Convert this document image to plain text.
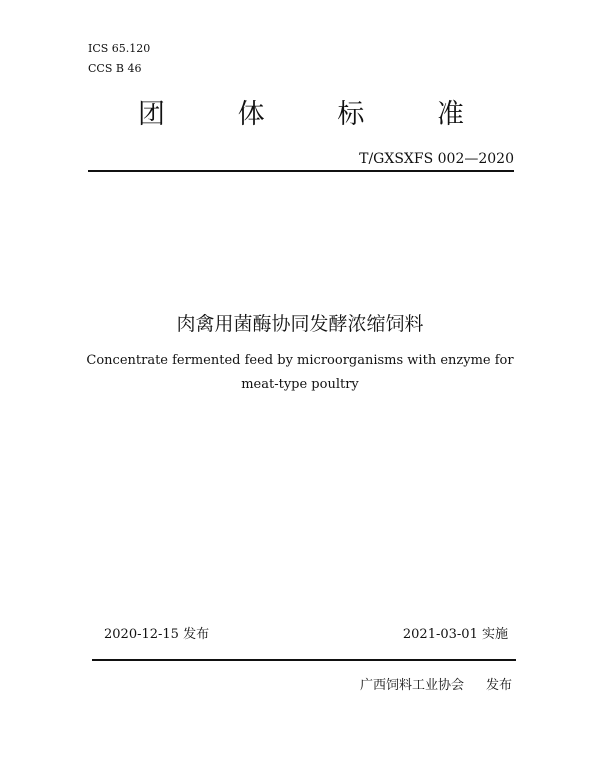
ICS 65.120
CCS B 46
团	体	标	准
T/GXSXFS 002—2020
肉禽用菌酶协同发酵浓缩饲料
Concentrate fermented feed by microorganisms with enzyme for
meat-type poultry
2020-12-15 发布	2021-03-01 实施
广西饲料工业协会 发布
